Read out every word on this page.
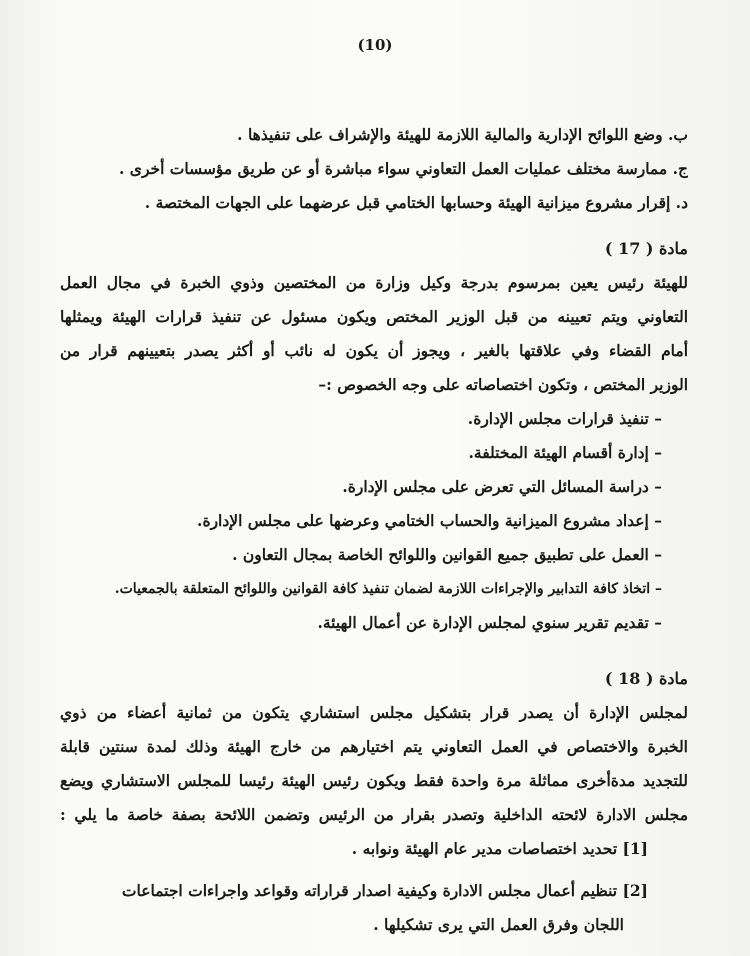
(10)
ب. وضع اللوائح الإدارية والمالية اللازمة للهيئة والإشراف على تنفيذها .
ج. ممارسة مختلف عمليات العمل التعاوني سواء مباشرة أو عن طريق مؤسسات أخرى .
د. إقرار مشروع ميزانية الهيئة وحسابها الختامي قبل عرضهما على الجهات المختصة .
مادة ( 17 )
للهيئة رئيس يعين بمرسوم بدرجة وكيل وزارة من المختصين وذوي الخبرة في مجال العمل
التعاوني ويتم تعيينه من قبل الوزير المختص ويكون مسئول عن تنفيذ قرارات الهيئة ويمثلها
أمام القضاء وفي علاقتها بالغير ، ويجوز أن يكون له نائب أو أكثر يصدر بتعيينهم قرار من
الوزير المختص ، وتكون اختصاصاته على وجه الخصوص :–
– تنفيذ قرارات مجلس الإدارة.
– إدارة أقسام الهيئة المختلفة.
– دراسة المسائل التي تعرض على مجلس الإدارة.
– إعداد مشروع الميزانية والحساب الختامي وعرضها على مجلس الإدارة.
– العمل على تطبيق جميع القوانين واللوائح الخاصة بمجال التعاون .
– اتخاذ كافة التدابير والإجراءات اللازمة لضمان تنفيذ كافة القوانين واللوائح المتعلقة بالجمعيات.
– تقديم تقرير سنوي لمجلس الإدارة عن أعمال الهيئة.
مادة ( 18 )
لمجلس الإدارة أن يصدر قرار بتشكيل مجلس استشاري يتكون من ثمانية أعضاء من ذوي
الخبرة والاختصاص في العمل التعاوني يتم اختيارهم من خارج الهيئة وذلك لمدة سنتين قابلة
للتجديد مدةأخرى مماثلة مرة واحدة فقط ويكون رئيس الهيئة رئيسا للمجلس الاستشاري ويضع
مجلس الادارة لائحته الداخلية وتصدر بقرار من الرئيس وتضمن اللائحة بصفة خاصة ما يلي :
[1] تحديد اختصاصات مدير عام الهيئة ونوابه .
[2] تنظيم أعمال مجلس الادارة وكيفية اصدار قراراته وقواعد واجراءات اجتماعات
اللجان وفرق العمل التي يرى تشكيلها .
